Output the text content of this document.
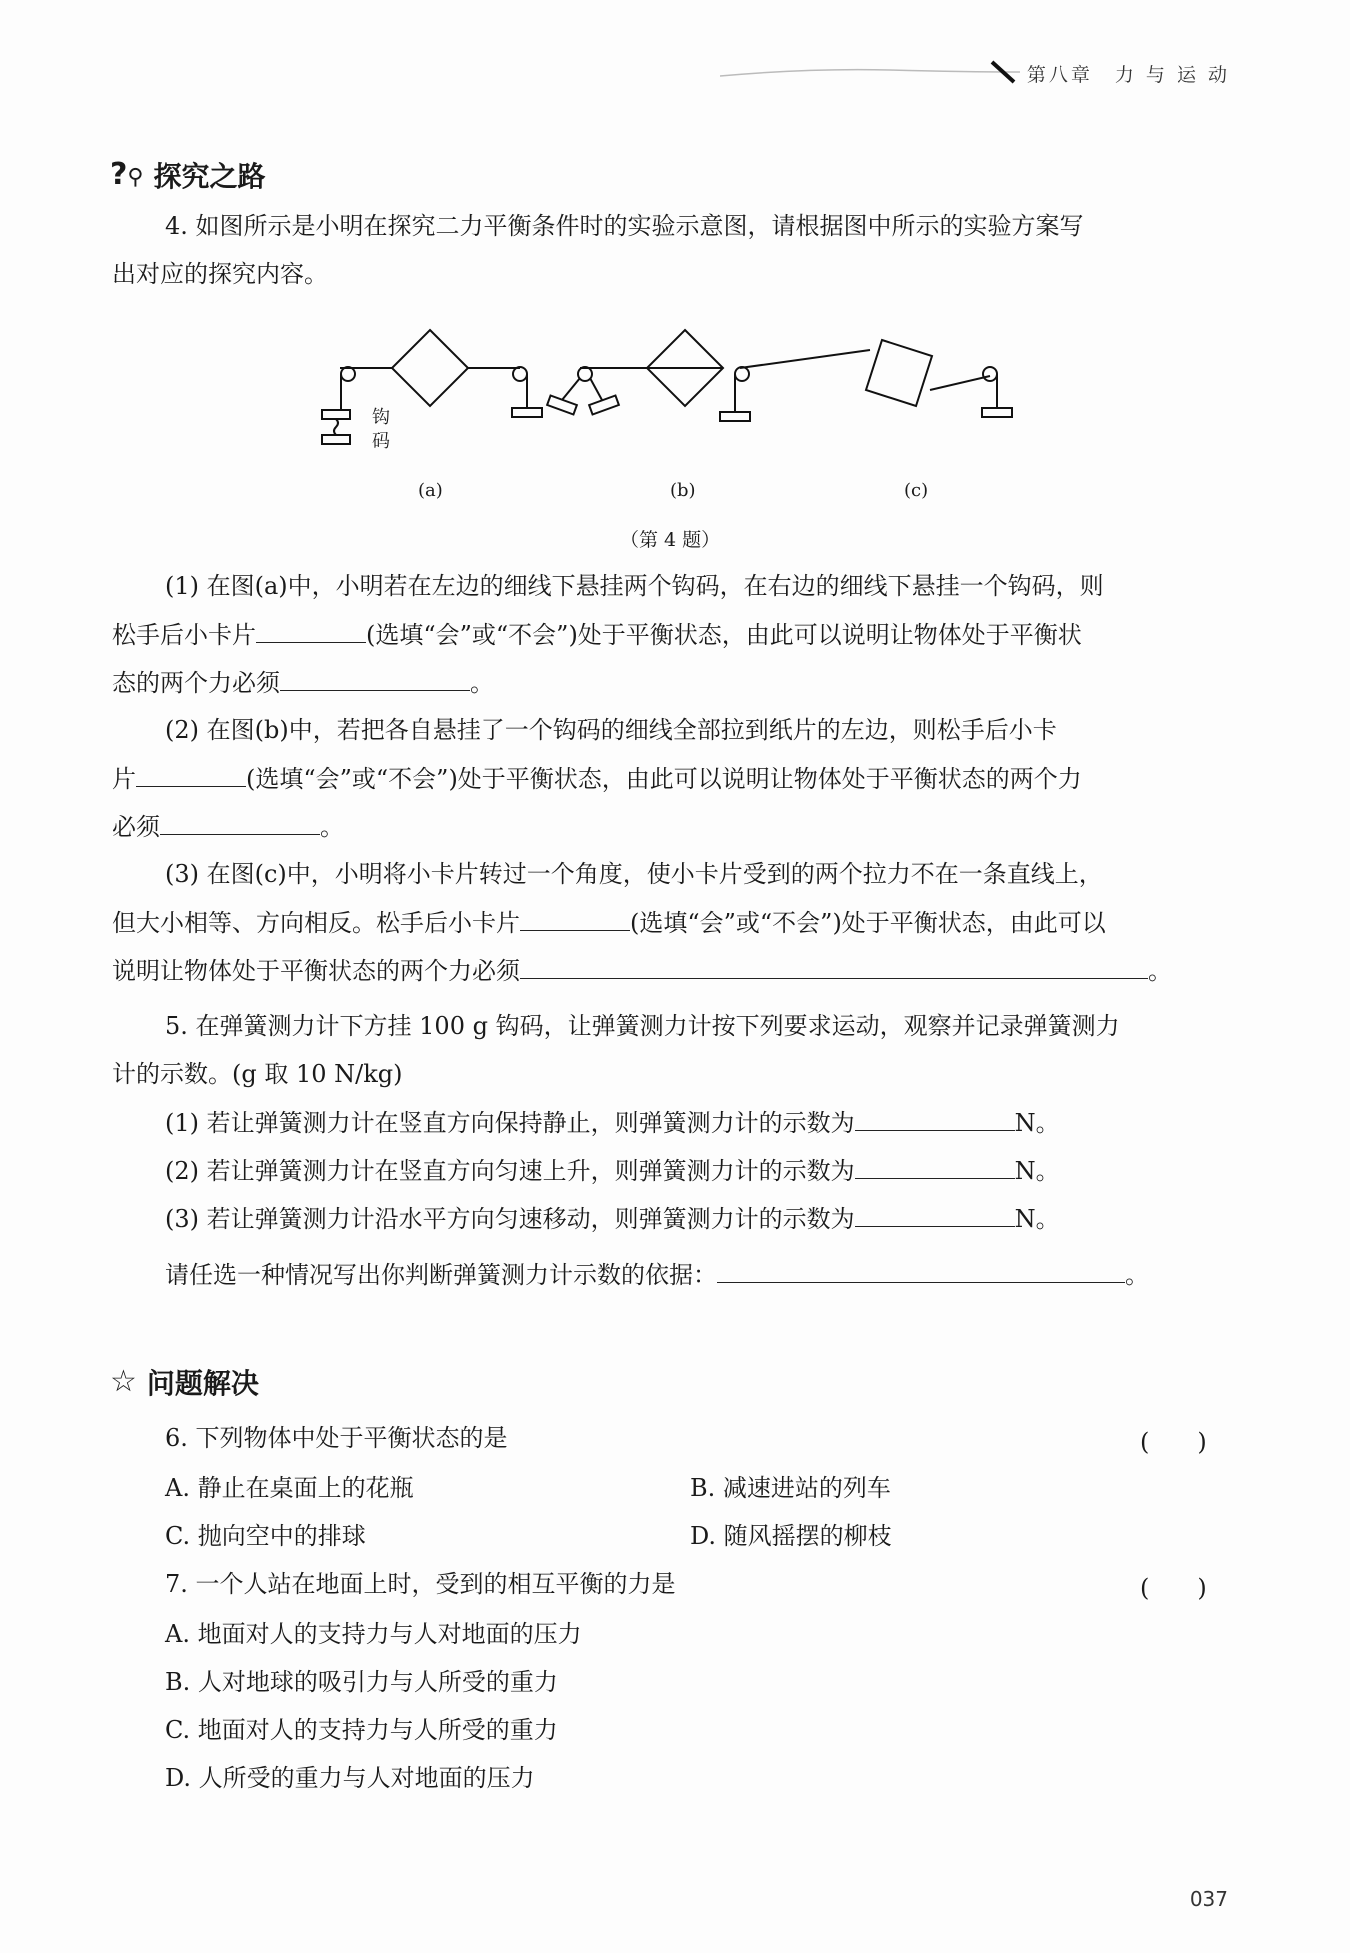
第八章　力 与 运 动
?⚲ 探究之路
4. 如图所示是小明在探究二力平衡条件时的实验示意图，请根据图中所示的实验方案写
出对应的探究内容。
钩
码
(a)	(b)	(c)
（第 4 题）
(1) 在图(a)中，小明若在左边的细线下悬挂两个钩码，在右边的细线下悬挂一个钩码，则
松手后小卡片	(选填“会”或“不会”)处于平衡状态，由此可以说明让物体处于平衡状
态的两个力必须	。
(2) 在图(b)中，若把各自悬挂了一个钩码的细线全部拉到纸片的左边，则松手后小卡
片	(选填“会”或“不会”)处于平衡状态，由此可以说明让物体处于平衡状态的两个力
必须	。
(3) 在图(c)中，小明将小卡片转过一个角度，使小卡片受到的两个拉力不在一条直线上，
但大小相等、方向相反。松手后小卡片	(选填“会”或“不会”)处于平衡状态，由此可以
说明让物体处于平衡状态的两个力必须	。
5. 在弹簧测力计下方挂 100 g 钩码，让弹簧测力计按下列要求运动，观察并记录弹簧测力
计的示数。(g 取 10 N/kg)
(1) 若让弹簧测力计在竖直方向保持静止，则弹簧测力计的示数为	N。
(2) 若让弹簧测力计在竖直方向匀速上升，则弹簧测力计的示数为	N。
(3) 若让弹簧测力计沿水平方向匀速移动，则弹簧测力计的示数为	N。
请任选一种情况写出你判断弹簧测力计示数的依据：	。
☆ 问题解决
6. 下列物体中处于平衡状态的是	(　　)
A. 静止在桌面上的花瓶	B. 减速进站的列车
C. 抛向空中的排球	D. 随风摇摆的柳枝
7. 一个人站在地面上时，受到的相互平衡的力是	(　　)
A. 地面对人的支持力与人对地面的压力
B. 人对地球的吸引力与人所受的重力
C. 地面对人的支持力与人所受的重力
D. 人所受的重力与人对地面的压力
037
